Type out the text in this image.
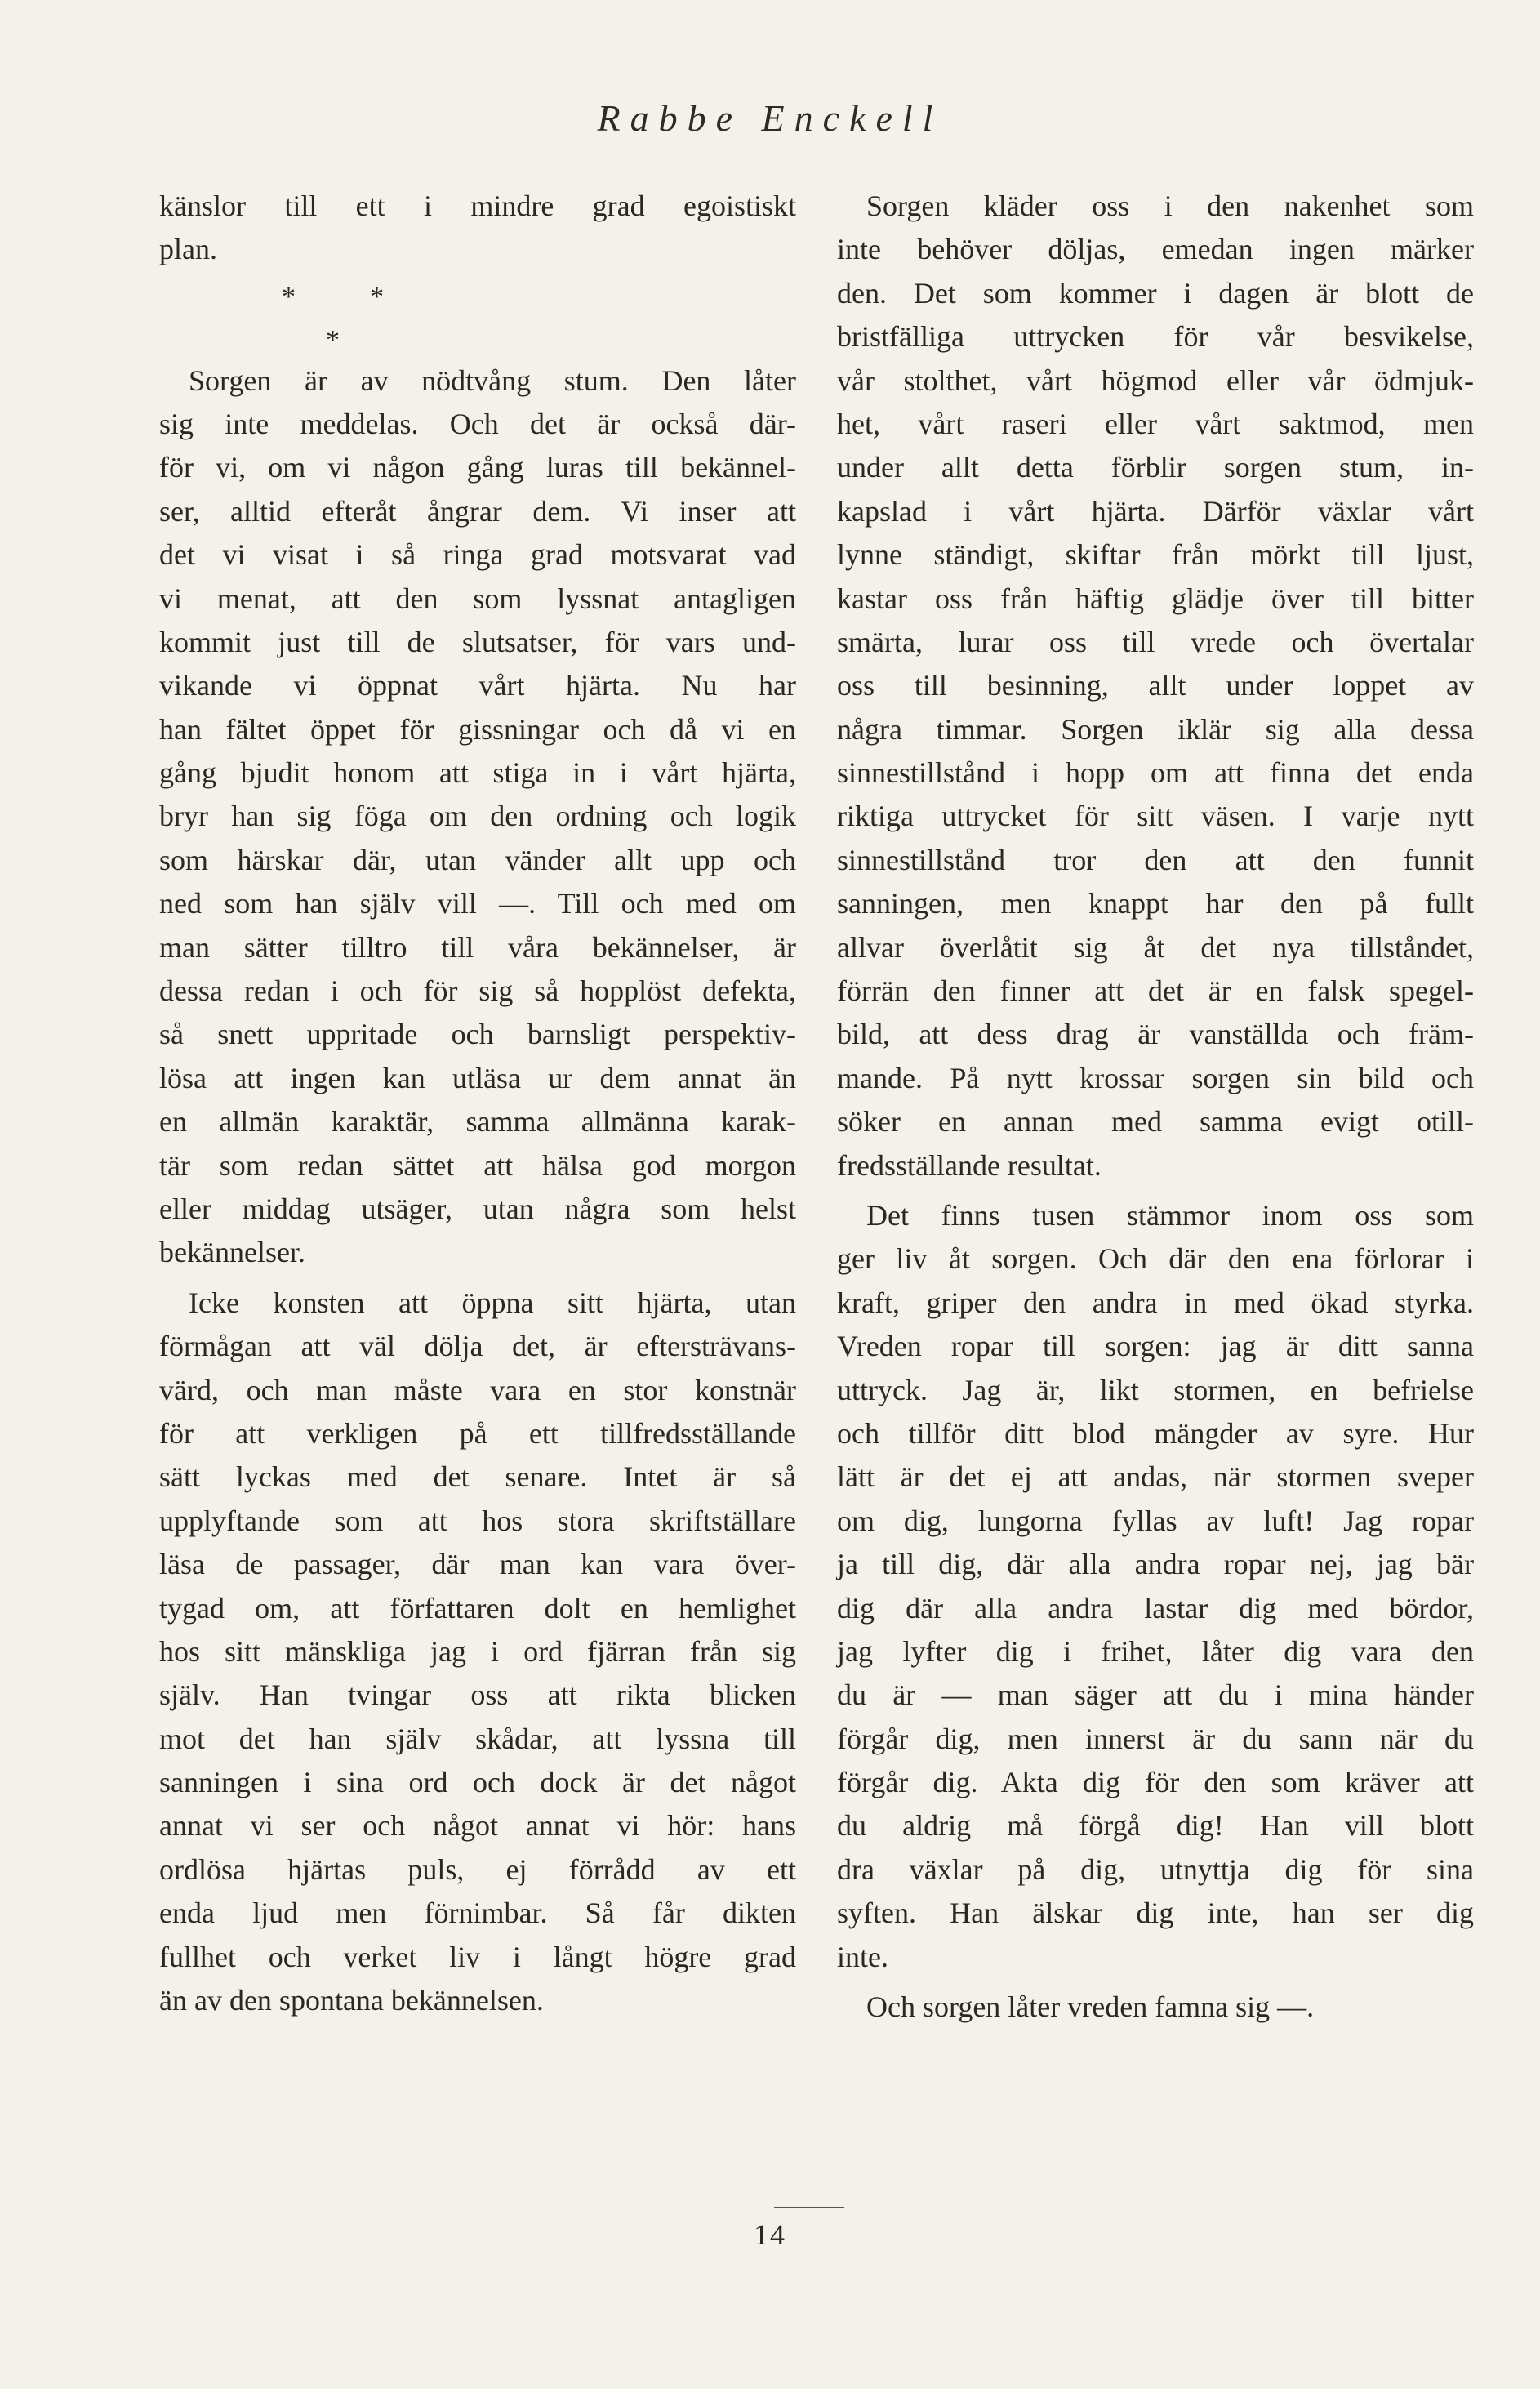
Rabbe Enckell
känslor till ett i mindre grad egoistiskt
plan.
*	*
*
Sorgen är av nödtvång stum. Den låter
sig inte meddelas. Och det är också där-
för vi, om vi någon gång luras till bekännel-
ser, alltid efteråt ångrar dem. Vi inser att
det vi visat i så ringa grad motsvarat vad
vi menat, att den som lyssnat antagligen
kommit just till de slutsatser, för vars und-
vikande vi öppnat vårt hjärta. Nu har
han fältet öppet för gissningar och då vi en
gång bjudit honom att stiga in i vårt hjärta,
bryr han sig föga om den ordning och logik
som härskar där, utan vänder allt upp och
ned som han själv vill —. Till och med om
man sätter tilltro till våra bekännelser, är
dessa redan i och för sig så hopplöst defekta,
så snett uppritade och barnsligt perspektiv-
lösa att ingen kan utläsa ur dem annat än
en allmän karaktär, samma allmänna karak-
tär som redan sättet att hälsa god morgon
eller middag utsäger, utan några som helst
bekännelser.
Icke konsten att öppna sitt hjärta, utan
förmågan att väl dölja det, är eftersträvans-
värd, och man måste vara en stor konstnär
för att verkligen på ett tillfredsställande
sätt lyckas med det senare. Intet är så
upplyftande som att hos stora skriftställare
läsa de passager, där man kan vara över-
tygad om, att författaren dolt en hemlighet
hos sitt mänskliga jag i ord fjärran från sig
själv. Han tvingar oss att rikta blicken
mot det han själv skådar, att lyssna till
sanningen i sina ord och dock är det något
annat vi ser och något annat vi hör: hans
ordlösa hjärtas puls, ej förrådd av ett
enda ljud men förnimbar. Så får dikten
fullhet och verket liv i långt högre grad
än av den spontana bekännelsen.
Sorgen kläder oss i den nakenhet som
inte behöver döljas, emedan ingen märker
den. Det som kommer i dagen är blott de
bristfälliga uttrycken för vår besvikelse,
vår stolthet, vårt högmod eller vår ödmjuk-
het, vårt raseri eller vårt saktmod, men
under allt detta förblir sorgen stum, in-
kapslad i vårt hjärta. Därför växlar vårt
lynne ständigt, skiftar från mörkt till ljust,
kastar oss från häftig glädje över till bitter
smärta, lurar oss till vrede och övertalar
oss till besinning, allt under loppet av
några timmar. Sorgen iklär sig alla dessa
sinnestillstånd i hopp om att finna det enda
riktiga uttrycket för sitt väsen. I varje nytt
sinnestillstånd tror den att den funnit
sanningen, men knappt har den på fullt
allvar överlåtit sig åt det nya tillståndet,
förrän den finner att det är en falsk spegel-
bild, att dess drag är vanställda och främ-
mande. På nytt krossar sorgen sin bild och
söker en annan med samma evigt otill-
fredsställande resultat.
Det finns tusen stämmor inom oss som
ger liv åt sorgen. Och där den ena förlorar i
kraft, griper den andra in med ökad styrka.
Vreden ropar till sorgen: jag är ditt sanna
uttryck. Jag är, likt stormen, en befrielse
och tillför ditt blod mängder av syre. Hur
lätt är det ej att andas, när stormen sveper
om dig, lungorna fyllas av luft! Jag ropar
ja till dig, där alla andra ropar nej, jag bär
dig där alla andra lastar dig med bördor,
jag lyfter dig i frihet, låter dig vara den
du är — man säger att du i mina händer
förgår dig, men innerst är du sann när du
förgår dig. Akta dig för den som kräver att
du aldrig må förgå dig! Han vill blott
dra växlar på dig, utnyttja dig för sina
syften. Han älskar dig inte, han ser dig
inte.
Och sorgen låter vreden famna sig —.
14
